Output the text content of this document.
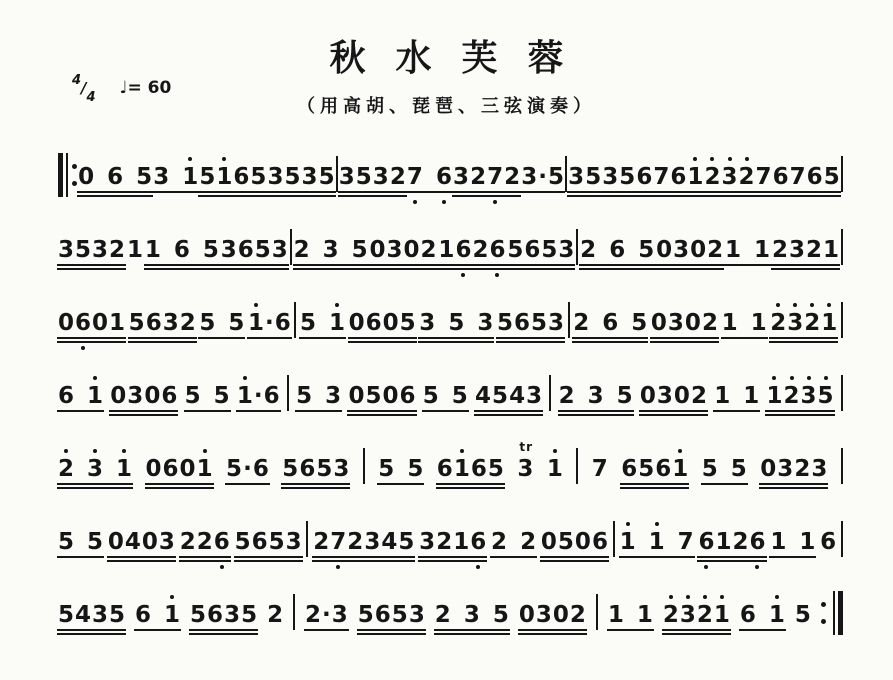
秋水芙蓉
$^4/_4$ ♩= 60
（用高胡、琵琶、三弦演奏）
0 6 5 3 1 5 1 6 5 3 5 3 5 3 5 3 2 7 6 3 2 7 2 3 · 5 3 5 3 5 6 7 6 1 2 3 2 7 6 7 6 5
3 5 3 2 1 1 6 5 3 6 5 3 2 3 5 0 3 0 2 1 6 2 6 5 6 5 3 2 6 5 0 3 0 2 1 1 2 3 2 1
0 6 0 1 5 6 3 2 5 5 1 · 6 5 1 0 6 0 5 3 5 3 5 6 5 3 2 6 5 0 3 0 2 1 1 2 3 2 1
6 1 0 3 0 6 5 5 1 · 6 5 3 0 5 0 6 5 5 4 5 4 3 2 3 5 0 3 0 2 1 1 1 2 3 5
2 3 1 0 6 0 1 5 · 6 5 6 5 3 5 5 6 1 6 5
tr
3 1 7 6 5 6 1 5 5 0 3 2 3
5 5 0 4 0 3 2 2 6 5 6 5 3 2 7 2 3 4 5 3 2 1 6 2 2 0 5 0 6 1 1 7 6 1 2 6 1 1 6
5 4 3 5 6 1 5 6 3 5 2 2 · 3 5 6 5 3 2 3 5 0 3 0 2 1 1 2 3 2 1 6 1 5
